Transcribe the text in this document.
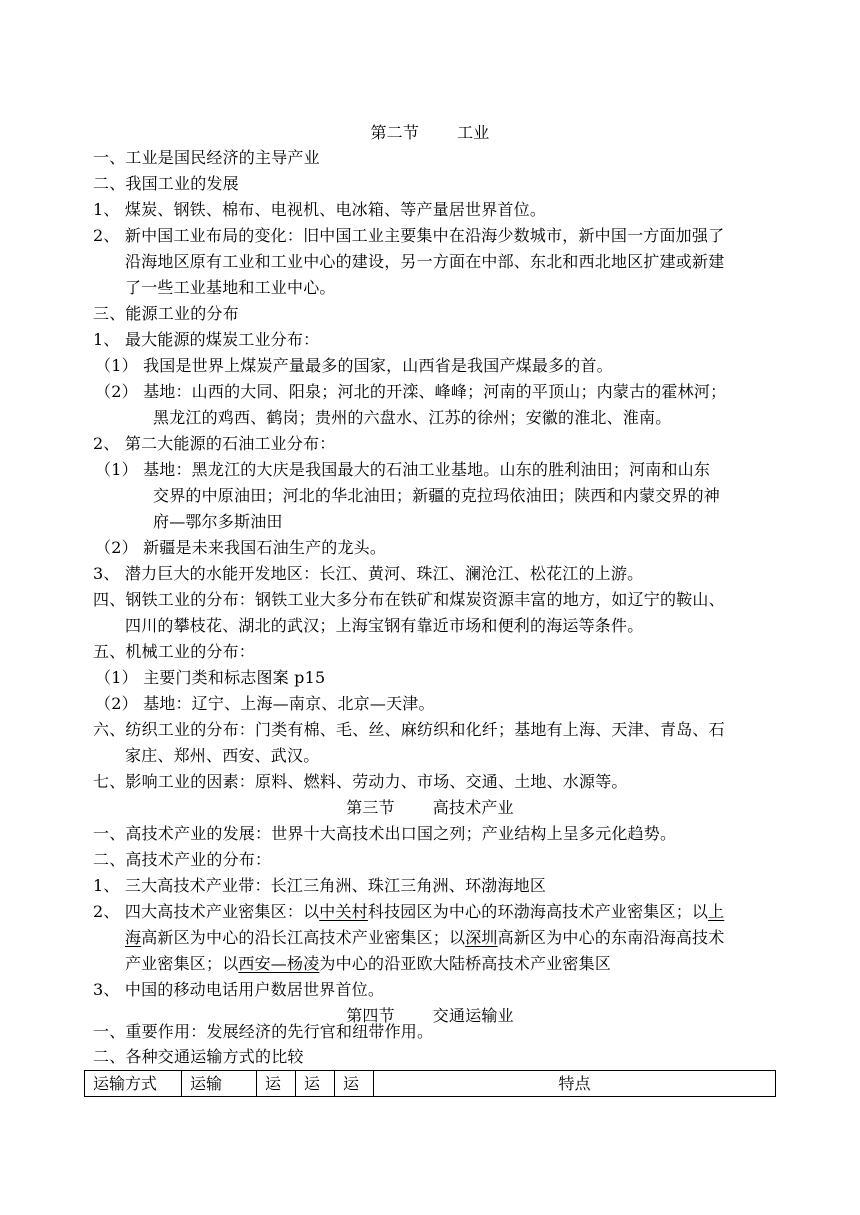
第二节 工业
一、工业是国民经济的主导产业
二、我国工业的发展
1、 煤炭、钢铁、棉布、电视机、电冰箱、等产量居世界首位。
2、 新中国工业布局的变化：旧中国工业主要集中在沿海少数城市，新中国一方面加强了
沿海地区原有工业和工业中心的建设，另一方面在中部、东北和西北地区扩建或新建
了一些工业基地和工业中心。
三、能源工业的分布
1、 最大能源的煤炭工业分布：
（1） 我国是世界上煤炭产量最多的国家，山西省是我国产煤最多的首。
（2） 基地：山西的大同、阳泉；河北的开滦、峰峰；河南的平顶山；内蒙古的霍林河；
黑龙江的鸡西、鹤岗；贵州的六盘水、江苏的徐州；安徽的淮北、淮南。
2、 第二大能源的石油工业分布：
（1） 基地：黑龙江的大庆是我国最大的石油工业基地。山东的胜利油田；河南和山东
交界的中原油田；河北的华北油田；新疆的克拉玛依油田；陕西和内蒙交界的神
府—鄂尔多斯油田
（2） 新疆是未来我国石油生产的龙头。
3、 潜力巨大的水能开发地区：长江、黄河、珠江、澜沧江、松花江的上游。
四、钢铁工业的分布：钢铁工业大多分布在铁矿和煤炭资源丰富的地方，如辽宁的鞍山、
四川的攀枝花、湖北的武汉；上海宝钢有靠近市场和便利的海运等条件。
五、机械工业的分布：
（1） 主要门类和标志图案 p15
（2） 基地：辽宁、上海—南京、北京—天津。
六、纺织工业的分布：门类有棉、毛、丝、麻纺织和化纤；基地有上海、天津、青岛、石
家庄、郑州、西安、武汉。
七、影响工业的因素：原料、燃料、劳动力、市场、交通、土地、水源等。
第三节 高技术产业
一、高技术产业的发展：世界十大高技术出口国之列；产业结构上呈多元化趋势。
二、高技术产业的分布：
1、 三大高技术产业带：长江三角洲、珠江三角洲、环渤海地区
2、 四大高技术产业密集区：以中关村科技园区为中心的环渤海高技术产业密集区；以上
海高新区为中心的沿长江高技术产业密集区；以深圳高新区为中心的东南沿海高技术
产业密集区；以西安—杨凌为中心的沿亚欧大陆桥高技术产业密集区
3、 中国的移动电话用户数居世界首位。
第四节 交通运输业
一、重要作用：发展经济的先行官和纽带作用。
二、各种交通运输方式的比较
运输方式	运输	运	运	运	特点
